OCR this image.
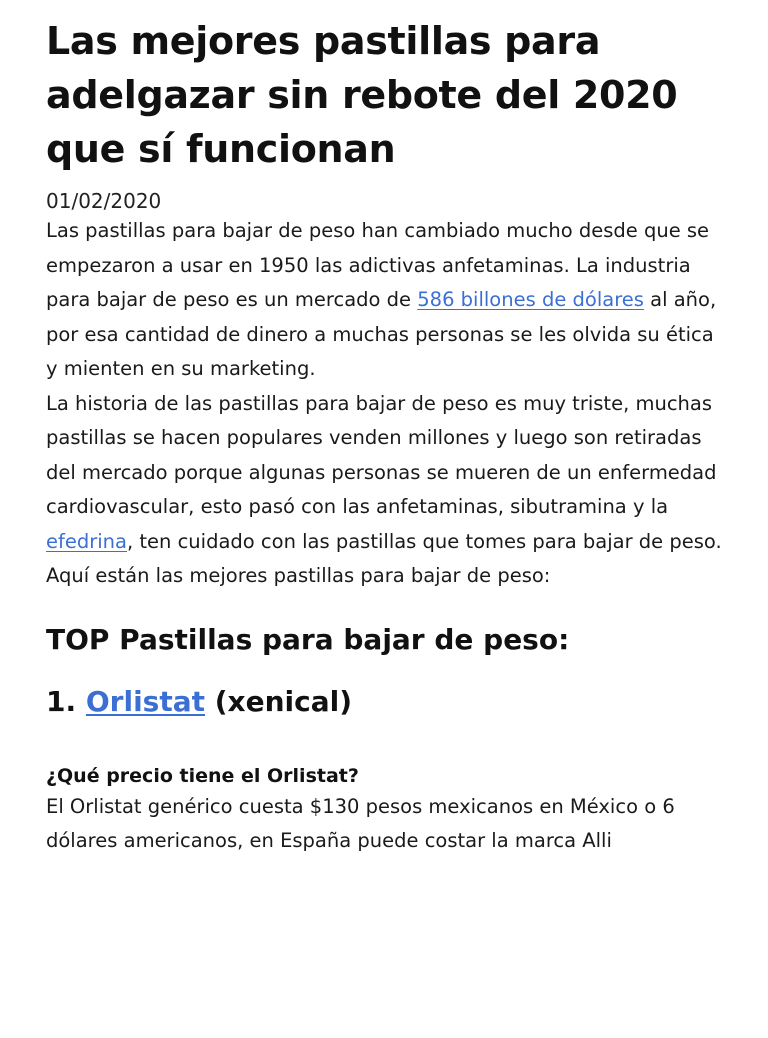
Las mejores pastillas para adelgazar sin rebote del 2020 que sí funcionan
01/02/2020

Las pastillas para bajar de peso han cambiado mucho desde que se empezaron a usar en 1950 las adictivas anfetaminas. La industria para bajar de peso es un mercado de 586 billones de dólares al año, por esa cantidad de dinero a muchas personas se les olvida su ética y mienten en su marketing.

La historia de las pastillas para bajar de peso es muy triste, muchas pastillas se hacen populares venden millones y luego son retiradas del mercado porque algunas personas se mueren de un enfermedad cardiovascular, esto pasó con las anfetaminas, sibutramina y la efedrina, ten cuidado con las pastillas que tomes para bajar de peso.

Aquí están las mejores pastillas para bajar de peso:

TOP Pastillas para bajar de peso:
1. Orlistat (xenical)
¿Qué precio tiene el Orlistat?

El Orlistat genérico cuesta $130 pesos mexicanos en México o 6 dólares americanos, en España puede costar la marca Alli
